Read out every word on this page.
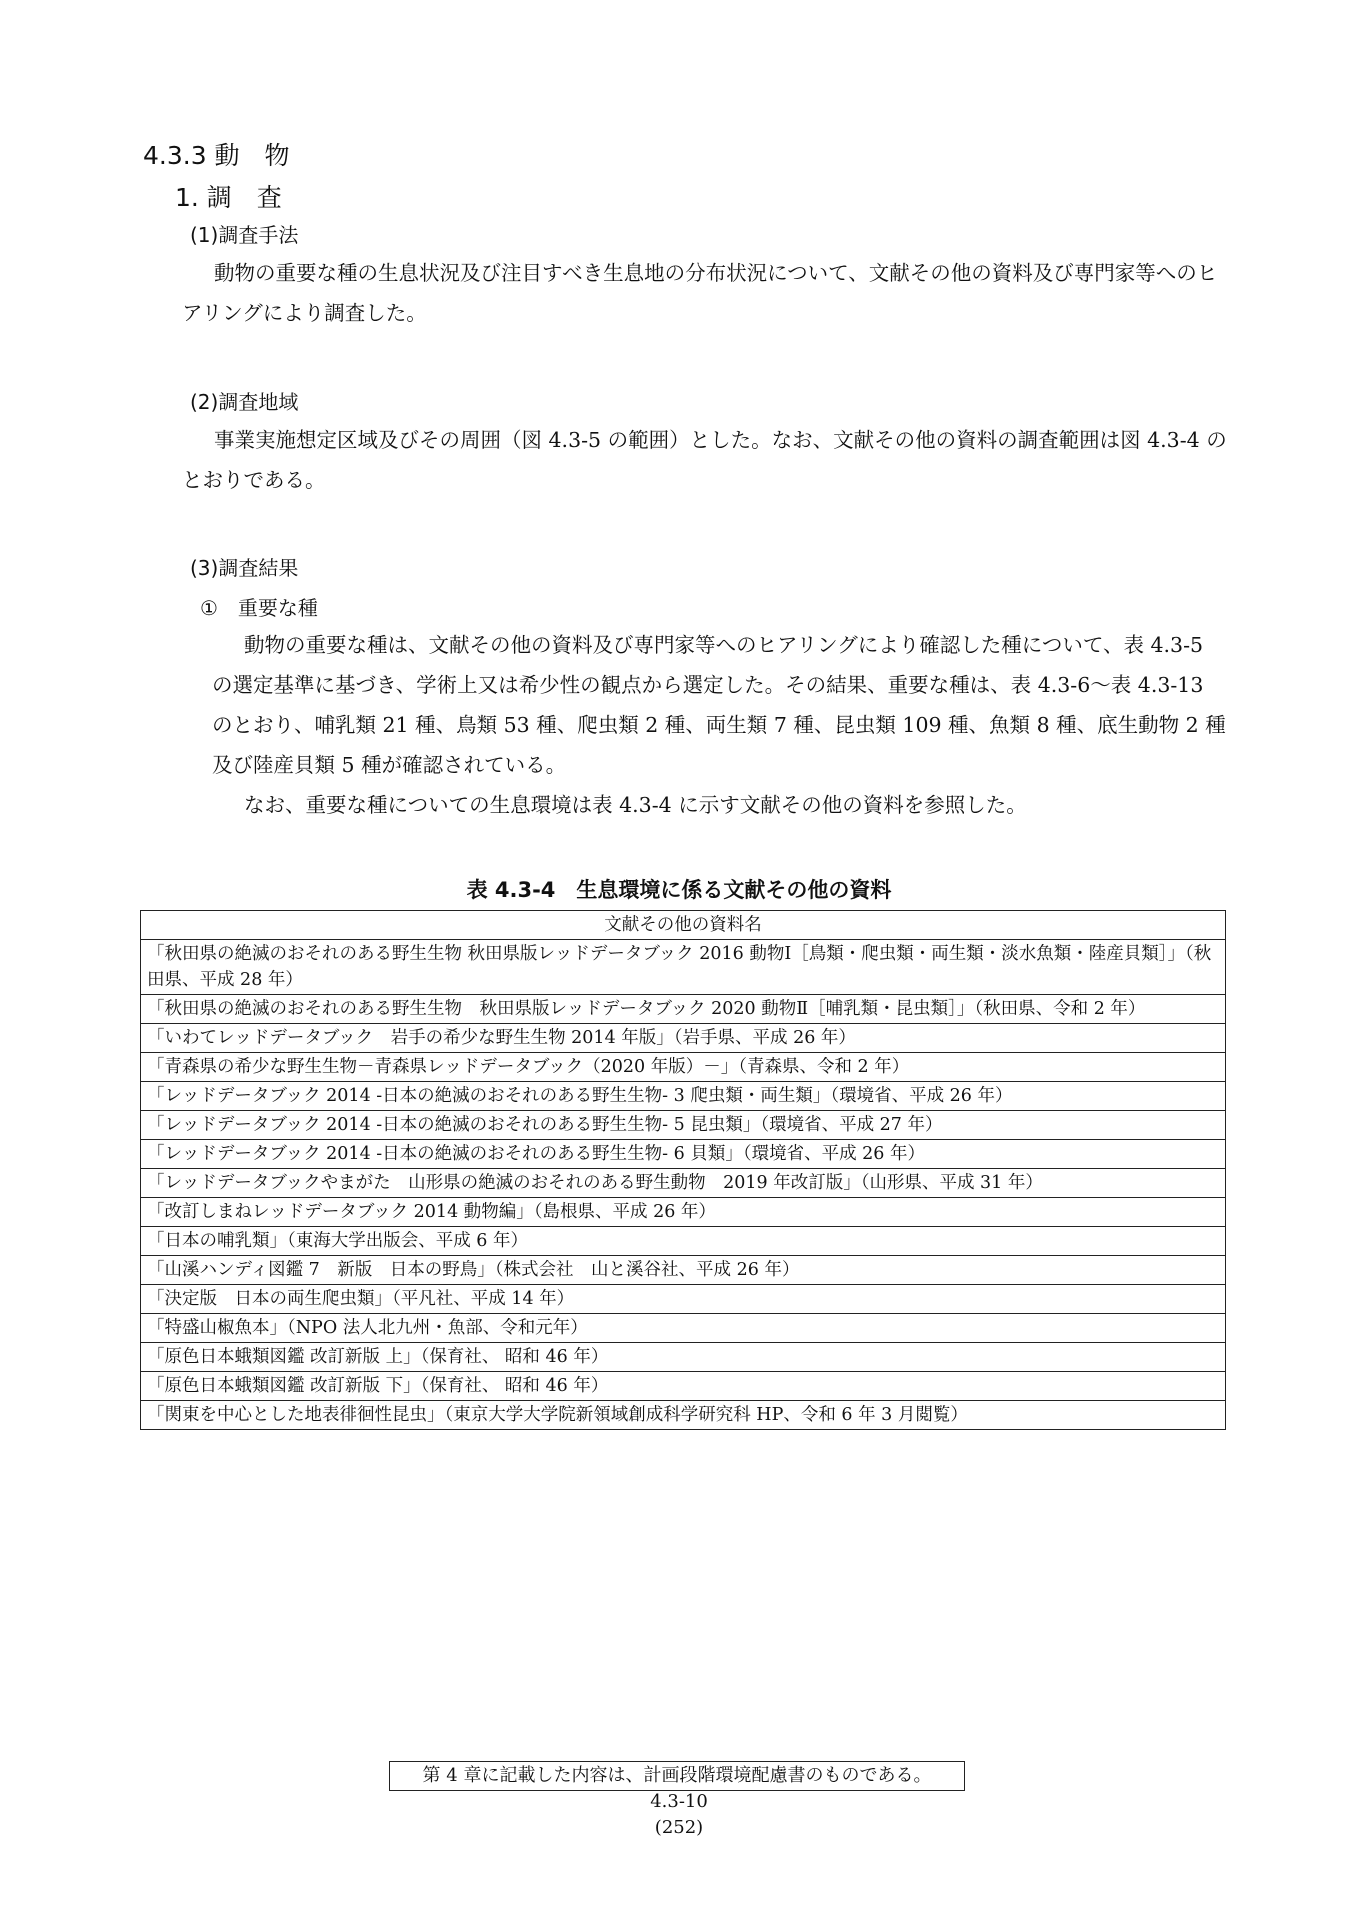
4.3.3 動　物
1. 調　査
(1)調査手法
動物の重要な種の生息状況及び注目すべき生息地の分布状況について、文献その他の資料及び専門家等へのヒアリングにより調査した。
(2)調査地域
事業実施想定区域及びその周囲（図 4.3-5 の範囲）とした。なお、文献その他の資料の調査範囲は図 4.3-4 のとおりである。
(3)調査結果
①　重要な種
動物の重要な種は、文献その他の資料及び専門家等へのヒアリングにより確認した種について、表 4.3-5 の選定基準に基づき、学術上又は希少性の観点から選定した。その結果、重要な種は、表 4.3-6～表 4.3-13 のとおり、哺乳類 21 種、鳥類 53 種、爬虫類 2 種、両生類 7 種、昆虫類 109 種、魚類 8 種、底生動物 2 種及び陸産貝類 5 種が確認されている。
なお、重要な種についての生息環境は表 4.3-4 に示す文献その他の資料を参照した。
表 4.3-4　生息環境に係る文献その他の資料
文献その他の資料名
「秋田県の絶滅のおそれのある野生生物 秋田県版レッドデータブック 2016 動物Ⅰ［鳥類・爬虫類・両生類・淡水魚類・陸産貝類］」（秋田県、平成 28 年）
「秋田県の絶滅のおそれのある野生生物　秋田県版レッドデータブック 2020 動物Ⅱ［哺乳類・昆虫類］」（秋田県、令和 2 年）
「いわてレッドデータブック　岩手の希少な野生生物 2014 年版」（岩手県、平成 26 年）
「青森県の希少な野生生物－青森県レッドデータブック（2020 年版）－」（青森県、令和 2 年）
「レッドデータブック 2014 -日本の絶滅のおそれのある野生生物- 3 爬虫類・両生類」（環境省、平成 26 年）
「レッドデータブック 2014 -日本の絶滅のおそれのある野生生物- 5 昆虫類」（環境省、平成 27 年）
「レッドデータブック 2014 -日本の絶滅のおそれのある野生生物- 6 貝類」（環境省、平成 26 年）
「レッドデータブックやまがた　山形県の絶滅のおそれのある野生動物　2019 年改訂版」（山形県、平成 31 年）
「改訂しまねレッドデータブック 2014 動物編」（島根県、平成 26 年）
「日本の哺乳類」（東海大学出版会、平成 6 年）
「山溪ハンディ図鑑 7　新版　日本の野鳥」（株式会社　山と溪谷社、平成 26 年）
「決定版　日本の両生爬虫類」（平凡社、平成 14 年）
「特盛山椒魚本」（NPO 法人北九州・魚部、令和元年）
「原色日本蛾類図鑑 改訂新版 上」（保育社、 昭和 46 年）
「原色日本蛾類図鑑 改訂新版 下」（保育社、 昭和 46 年）
「関東を中心とした地表徘徊性昆虫」（東京大学大学院新領域創成科学研究科 HP、令和 6 年 3 月閲覧）
第 4 章に記載した内容は、計画段階環境配慮書のものである。
4.3-10
(252)
